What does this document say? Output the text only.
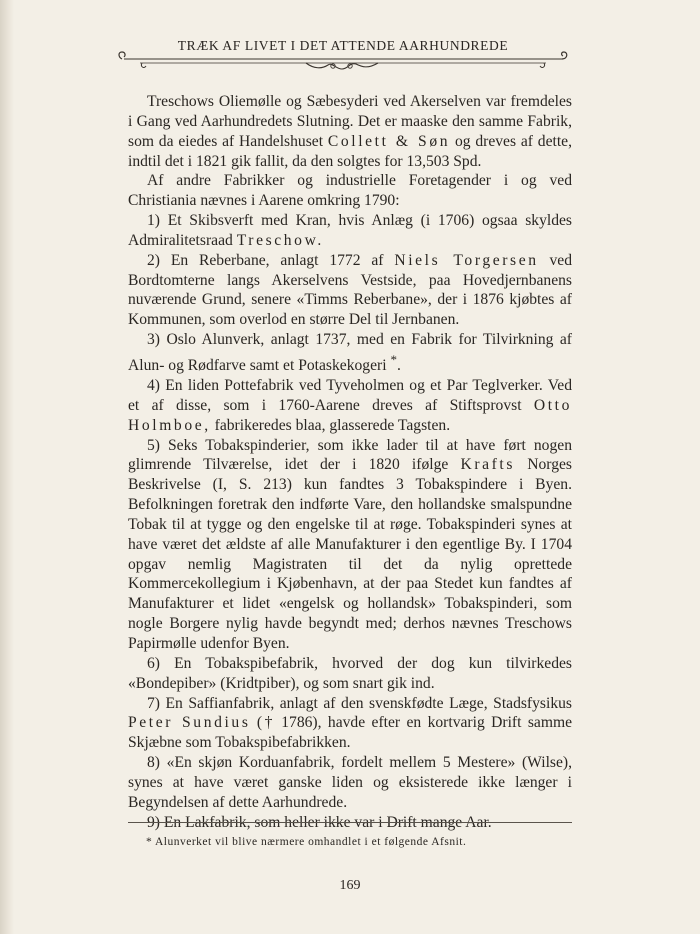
TRÆK AF LIVET I DET ATTENDE AARHUNDREDE

Treschows Oliemølle og Sæbesyderi ved Akerselven var fremdeles i Gang ved Aarhundredets Slutning. Det er maaske den samme Fabrik, som da eiedes af Handelshuset Collett & Søn og dreves af dette, indtil det i 1821 gik fallit, da den solgtes for 13,503 Spd.

Af andre Fabrikker og industrielle Foretagender i og ved Christiania nævnes i Aarene omkring 1790:

1) Et Skibsverft med Kran, hvis Anlæg (i 1706) ogsaa skyldes Admiralitetsraad Treschow.

2) En Reberbane, anlagt 1772 af Niels Torgersen ved Bordtomterne langs Akerselvens Vestside, paa Hovedjernbanens nuværende Grund, senere «Timms Reberbane», der i 1876 kjøbtes af Kommunen, som overlod en større Del til Jernbanen.

3) Oslo Alunverk, anlagt 1737, med en Fabrik for Tilvirkning af Alun- og Rødfarve samt et Potaskekogeri *.

4) En liden Pottefabrik ved Tyveholmen og et Par Teglverker. Ved et af disse, som i 1760-Aarene dreves af Stiftsprovst Otto Holmboe, fabrikeredes blaa, glasserede Tagsten.

5) Seks Tobakspinderier, som ikke lader til at have ført nogen glimrende Tilværelse, idet der i 1820 ifølge Krafts Norges Beskrivelse (I, S. 213) kun fandtes 3 Tobakspindere i Byen. Befolkningen foretrak den indførte Vare, den hollandske smalspundne Tobak til at tygge og den engelske til at røge. Tobakspinderi synes at have været det ældste af alle Manufakturer i den egentlige By. I 1704 opgav nemlig Magistraten til det da nylig oprettede Kommercekollegium i Kjøbenhavn, at der paa Stedet kun fandtes af Manufakturer et lidet «engelsk og hollandsk» Tobakspinderi, som nogle Borgere nylig havde begyndt med; derhos nævnes Treschows Papirmølle udenfor Byen.

6) En Tobakspibefabrik, hvorved der dog kun tilvirkedes «Bondepiber» (Kridtpiber), og som snart gik ind.

7) En Saffianfabrik, anlagt af den svenskfødte Læge, Stadsfysikus Peter Sundius († 1786), havde efter en kortvarig Drift samme Skjæbne som Tobakspibefabrikken.

8) «En skjøn Korduanfabrik, fordelt mellem 5 Mestere» (Wilse), synes at have været ganske liden og eksisterede ikke længer i Begyndelsen af dette Aarhundrede.

9) En Lakfabrik, som heller ikke var i Drift mange Aar.

* Alunverket vil blive nærmere omhandlet i et følgende Afsnit.
169
